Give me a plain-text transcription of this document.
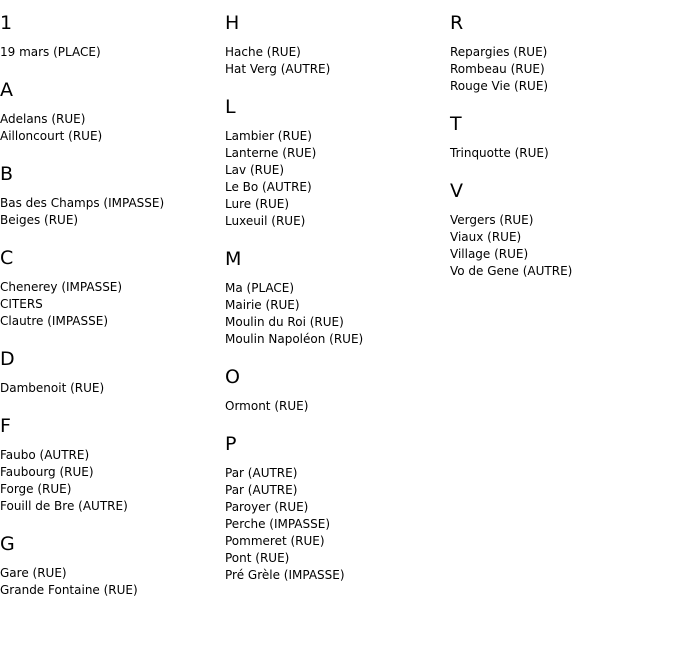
1
19 mars (PLACE)
A
Adelans (RUE)
Ailloncourt (RUE)
B
Bas des Champs (IMPASSE)
Beiges (RUE)
C
Chenerey (IMPASSE)
CITERS
Clautre (IMPASSE)
D
Dambenoit (RUE)
F
Faubo (AUTRE)
Faubourg (RUE)
Forge (RUE)
Fouill de Bre (AUTRE)
G
Gare (RUE)
Grande Fontaine (RUE)
H
Hache (RUE)
Hat Verg (AUTRE)
L
Lambier (RUE)
Lanterne (RUE)
Lav (RUE)
Le Bo (AUTRE)
Lure (RUE)
Luxeuil (RUE)
M
Ma (PLACE)
Mairie (RUE)
Moulin du Roi (RUE)
Moulin Napoléon (RUE)
O
Ormont (RUE)
P
Par (AUTRE)
Par (AUTRE)
Paroyer (RUE)
Perche (IMPASSE)
Pommeret (RUE)
Pont (RUE)
Pré Grèle (IMPASSE)
R
Repargies (RUE)
Rombeau (RUE)
Rouge Vie (RUE)
T
Trinquotte (RUE)
V
Vergers (RUE)
Viaux (RUE)
Village (RUE)
Vo de Gene (AUTRE)
